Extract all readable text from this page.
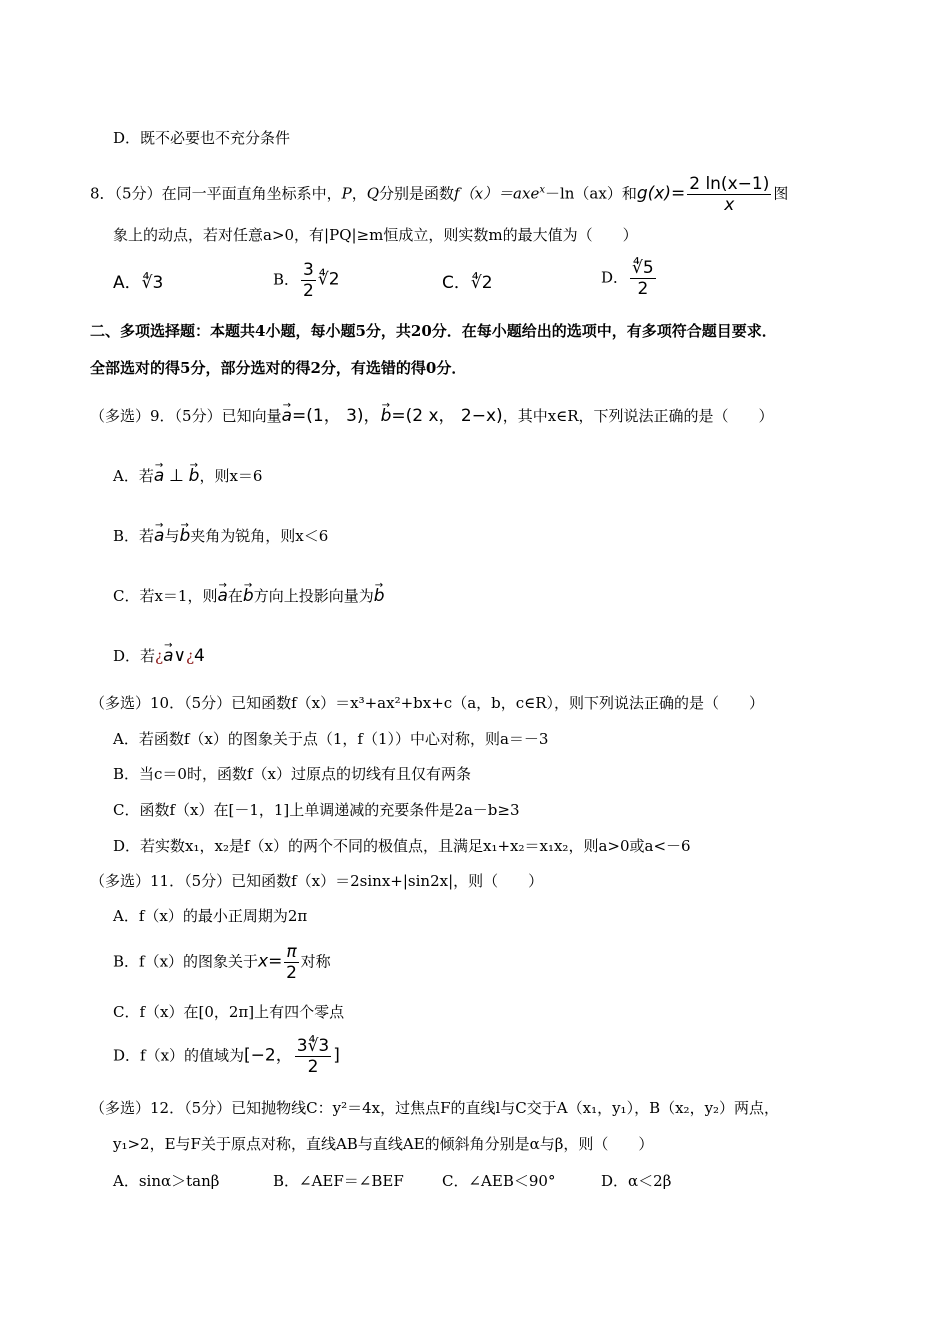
D．既不必要也不充分条件
8．（5分）在同一平面直角坐标系中，P，Q分别是函数f（x）＝axe$^x$－ln（ax）和$g(x)= \frac{2 \ln(x-1)}{x}$ 图
象上的动点，若对任意a>0，有|PQ|≥m恒成立，则实数m的最大值为（　　）
A．∜3	B． $\frac{3}{2}$ ∜2	C．∜2	D． $\frac{∜5}{2}$
二、多项选择题：本题共4小题，每小题5分，共20分．在每小题给出的选项中，有多项符合题目要求．
全部选对的得5分，部分选对的得2分，有选错的得0分．
（多选）9．（5分）已知向量→ a=(1， 3)，→ b=(2 x， 2−x)，其中x∈R，下列说法正确的是（　　）
A．若→ a ⊥ → b，则x＝6
B．若→ a与→ b夹角为锐角，则x＜6
C．若x＝1，则→ a在→ b方向上投影向量为→ b
D．若¿→ a∨¿4
（多选）10．（5分）已知函数f（x）＝x³+ax²+bx+c（a，b，c∈R），则下列说法正确的是（　　）
A．若函数f（x）的图象关于点（1，f（1））中心对称，则a＝－3
B．当c＝0时，函数f（x）过原点的切线有且仅有两条
C．函数f（x）在[－1，1]上单调递减的充要条件是2a－b≥3
D．若实数x₁，x₂是f（x）的两个不同的极值点，且满足x₁+x₂＝x₁x₂，则a>0或a<－6
（多选）11．（5分）已知函数f（x）＝2sinx+|sin2x|，则（　　）
A．f（x）的最小正周期为2π
B．f（x）的图象关于$x= \frac{\pi}{2}$ 对称
C．f（x）在[0，2π]上有四个零点
D．f（x）的值域为[−2， $\frac{3∜3}{2}$ ]
（多选）12．（5分）已知抛物线C：y²＝4x，过焦点F的直线l与C交于A（x₁，y₁），B（x₂，y₂）两点，
y₁>2，E与F关于原点对称，直线AB与直线AE的倾斜角分别是α与β，则（　　）
A．sinα＞tanβ	B．∠AEF＝∠BEF	C．∠AEB＜90°	D．α＜2β
